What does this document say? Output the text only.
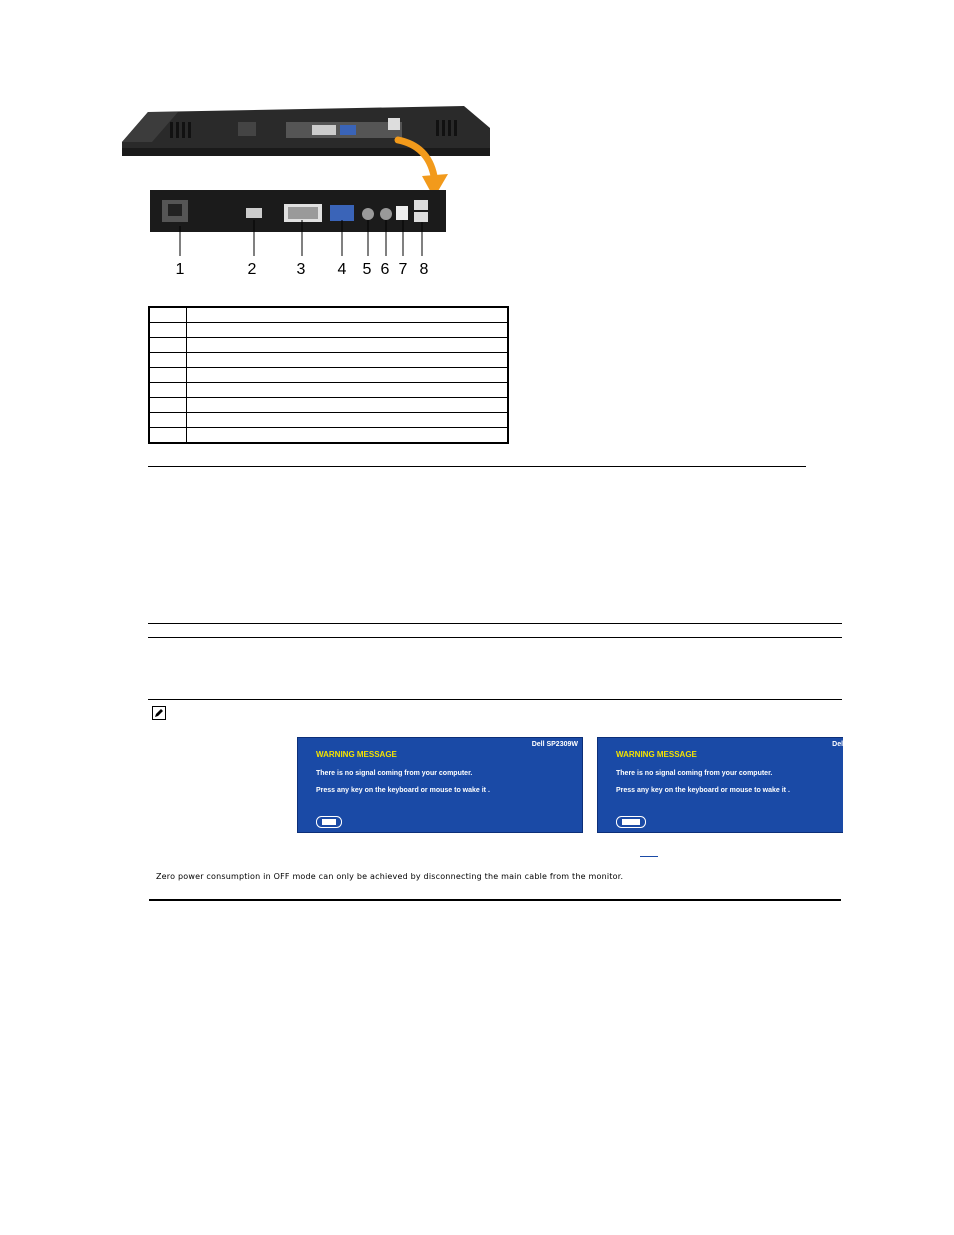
1	2	3 4 5 6 7 8

Dell SP2309W
WARNING MESSAGE
There is no signal coming from your computer.
Press any key on the keyboard or mouse to wake it .
Dell
WARNING MESSAGE
There is no signal coming from your computer.
Press any key on the keyboard or mouse to wake it .
Zero power consumption in OFF mode can only be achieved by disconnecting the main cable from the monitor.
